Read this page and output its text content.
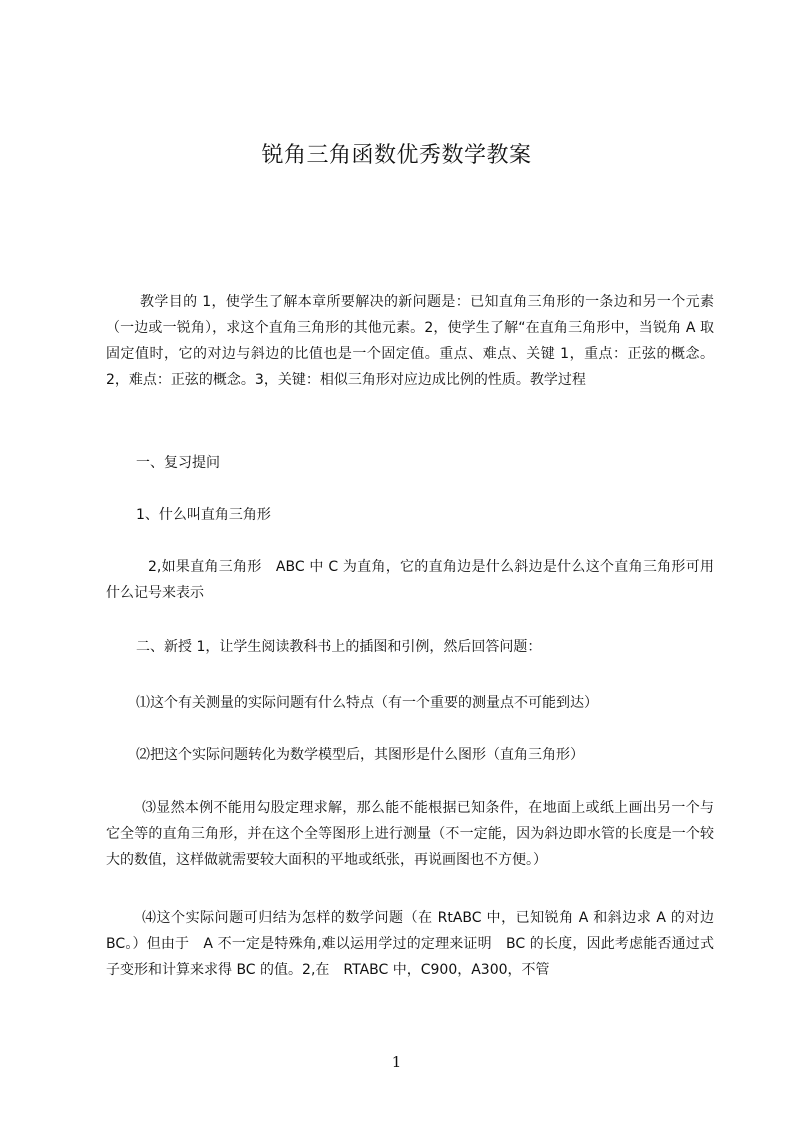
锐角三角函数优秀数学教案
教学目的 1，使学生了解本章所要解决的新问题是：已知直角三角形的一条边和另一个元素（一边或一锐角），求这个直角三角形的其他元素。2，使学生了解“在直角三角形中，当锐角 A 取固定值时，它的对边与斜边的比值也是一个固定值。重点、难点、关键 1，重点：正弦的概念。2，难点：正弦的概念。3，关键：相似三角形对应边成比例的性质。教学过程
一、复习提问
1、什么叫直角三角形
2,如果直角三角形　ABC 中 C 为直角，它的直角边是什么斜边是什么这个直角三角形可用什么记号来表示
二、新授 1，让学生阅读教科书上的插图和引例，然后回答问题：
⑴这个有关测量的实际问题有什么特点（有一个重要的测量点不可能到达）
⑵把这个实际问题转化为数学模型后，其图形是什么图形（直角三角形）
⑶显然本例不能用勾股定理求解，那么能不能根据已知条件，在地面上或纸上画出另一个与它全等的直角三角形，并在这个全等图形上进行测量（不一定能，因为斜边即水管的长度是一个较大的数值，这样做就需要较大面积的平地或纸张，再说画图也不方便。）
⑷这个实际问题可归结为怎样的数学问题（在 RtABC 中，已知锐角 A 和斜边求 A 的对边 BC。）但由于　A 不一定是特殊角,难以运用学过的定理来证明　BC 的长度，因此考虑能否通过式子变形和计算来求得 BC 的值。2,在　RTABC 中，C900，A300，不管
1
